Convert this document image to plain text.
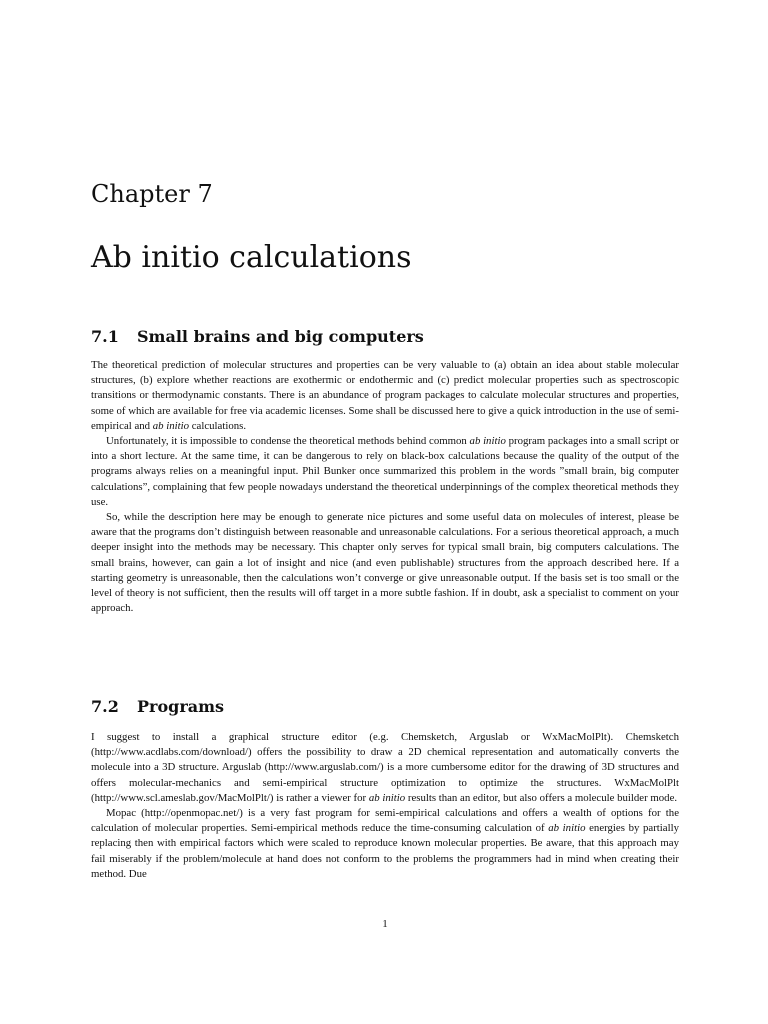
Chapter 7
Ab initio calculations
7.1 Small brains and big computers

The theoretical prediction of molecular structures and properties can be very valuable to (a) obtain an idea about stable molecular structures, (b) explore whether reactions are exothermic or endothermic and (c) predict molecular properties such as spectroscopic transitions or thermodynamic constants. There is an abundance of program packages to calculate molecular structures and properties, some of which are available for free via academic licenses. Some shall be discussed here to give a quick introduction in the use of semi-empirical and ab initio calculations.

Unfortunately, it is impossible to condense the theoretical methods behind common ab initio program packages into a small script or into a short lecture. At the same time, it can be dangerous to rely on black-box calculations because the quality of the output of the programs always relies on a meaningful input. Phil Bunker once summarized this problem in the words ”small brain, big computer calculations”, complaining that few people nowadays understand the theoretical underpinnings of the complex theoretical methods they use.

So, while the description here may be enough to generate nice pictures and some useful data on molecules of interest, please be aware that the programs don’t distinguish between reasonable and unreasonable calculations. For a serious theoretical approach, a much deeper insight into the methods may be necessary. This chapter only serves for typical small brain, big computers calculations. The small brains, however, can gain a lot of insight and nice (and even publishable) structures from the approach described here. If a starting geometry is unreasonable, then the calculations won’t converge or give unreasonable output. If the basis set is too small or the level of theory is not sufficient, then the results will off target in a more subtle fashion. If in doubt, ask a specialist to comment on your approach.

7.2 Programs

I suggest to install a graphical structure editor (e.g. Chemsketch, Arguslab or WxMacMolPlt). Chemsketch (http://www.acdlabs.com/download/) offers the possibility to draw a 2D chemical representation and automatically converts the molecule into a 3D structure. Arguslab (http://www.arguslab.com/) is a more cumbersome editor for the drawing of 3D structures and offers molecular-mechanics and semi-empirical structure optimization to optimize the structures. WxMacMolPlt (http://www.scl.ameslab.gov/MacMolPlt/) is rather a viewer for ab initio results than an editor, but also offers a molecule builder mode.

Mopac (http://openmopac.net/) is a very fast program for semi-empirical calculations and offers a wealth of options for the calculation of molecular properties. Semi-empirical methods reduce the time-consuming calculation of ab initio energies by partially replacing then with empirical factors which were scaled to reproduce known molecular properties. Be aware, that this approach may fail miserably if the problem/molecule at hand does not conform to the problems the programmers had in mind when creating their method. Due

1
